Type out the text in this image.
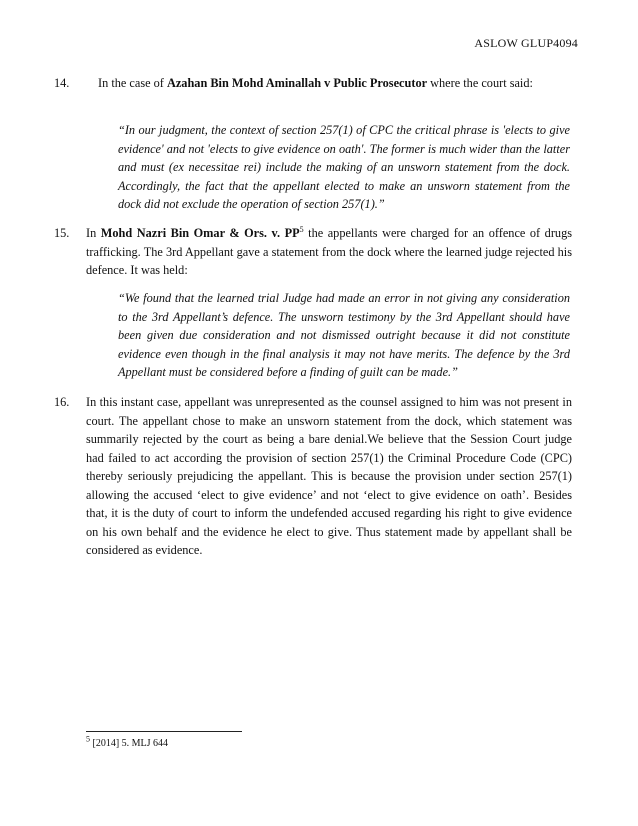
ASLOW GLUP4094
14. In the case of Azahan Bin Mohd Aminallah v Public Prosecutor where the court said:
“In our judgment, the context of section 257(1) of CPC the critical phrase is 'elects to give evidence' and not 'elects to give evidence on oath'. The former is much wider than the latter and must (ex necessitae rei) include the making of an unsworn statement from the dock. Accordingly, the fact that the appellant elected to make an unsworn statement from the dock did not exclude the operation of section 257(1).”
15. In Mohd Nazri Bin Omar & Ors. v. $PP^5$ the appellants were charged for an offence of drugs trafficking. The 3rd Appellant gave a statement from the dock where the learned judge rejected his defence. It was held:
“We found that the learned trial Judge had made an error in not giving any consideration to the 3rd Appellant’s defence. The unsworn testimony by the 3rd Appellant should have been given due consideration and not dismissed outright because it did not constitute evidence even though in the final analysis it may not have merits. The defence by the 3rd Appellant must be considered before a finding of guilt can be made.”
16. In this instant case, appellant was unrepresented as the counsel assigned to him was not present in court. The appellant chose to make an unsworn statement from the dock, which statement was summarily rejected by the court as being a bare denial.We believe that the Session Court judge had failed to act according the provision of section 257(1) the Criminal Procedure Code (CPC) thereby seriously prejudicing the appellant. This is because the provision under section 257(1) allowing the accused ‘elect to give evidence’ and not ‘elect to give evidence on oath’. Besides that, it is the duty of court to inform the undefended accused regarding his right to give evidence on his own behalf and the evidence he elect to give. Thus statement made by appellant shall be considered as evidence.
$^5$ [2014] 5. MLJ 644
